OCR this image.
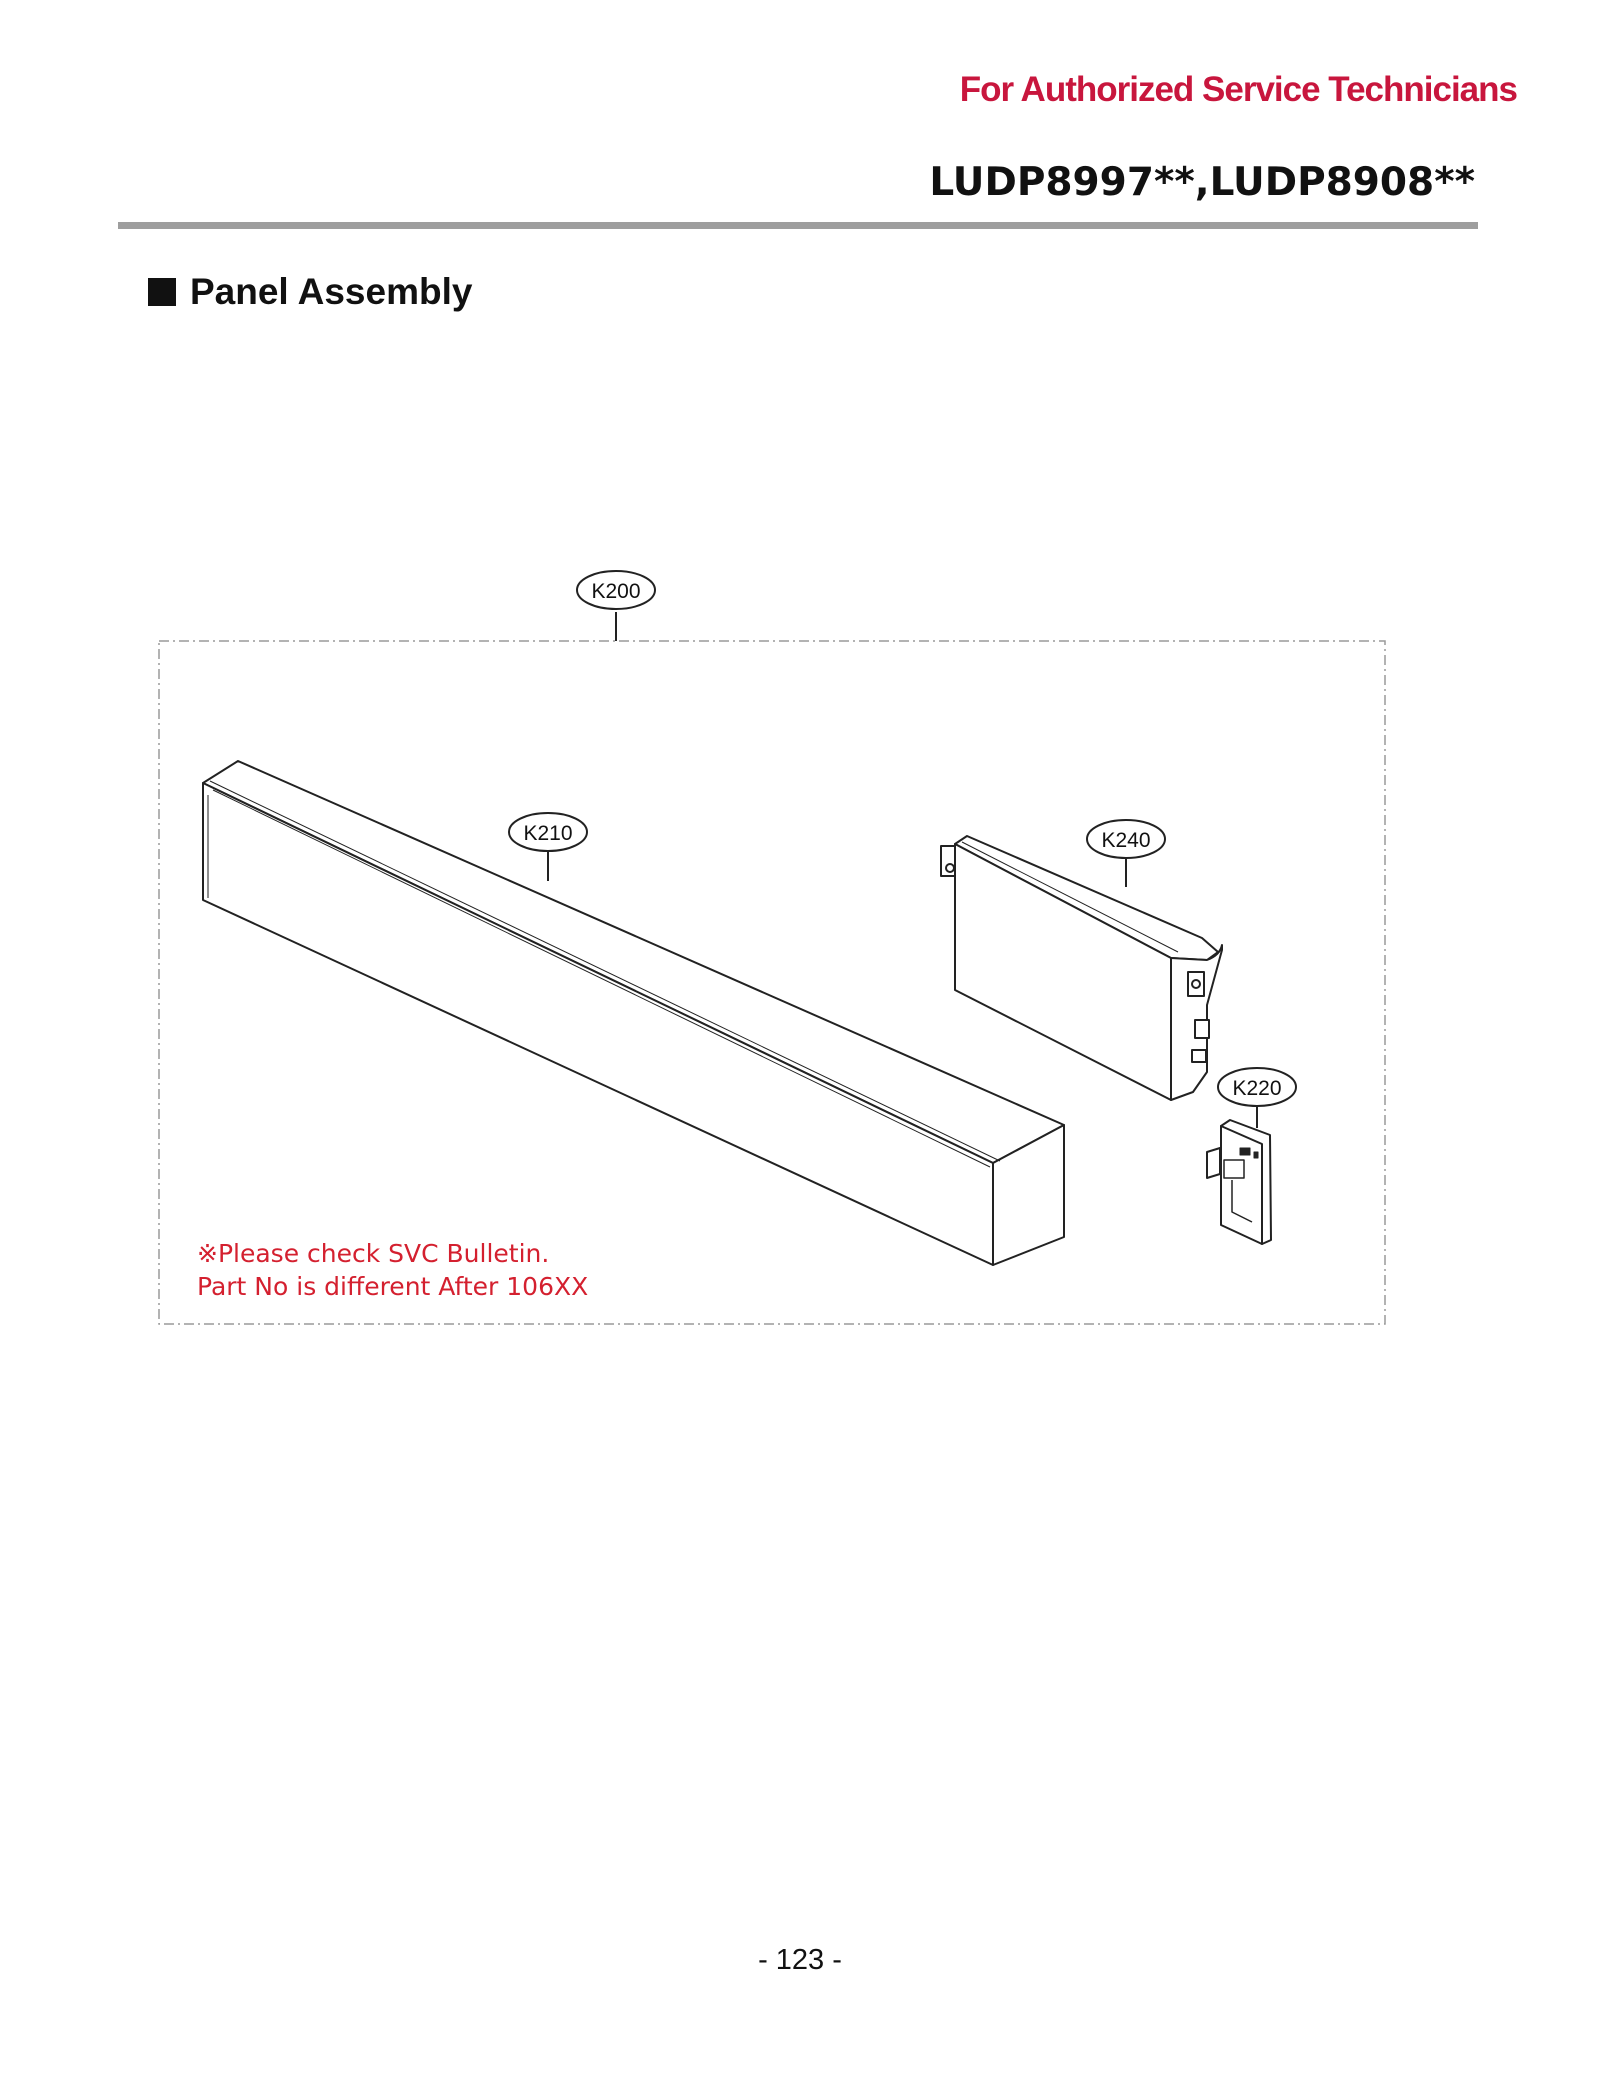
For Authorized Service Technicians
LUDP8997**,LUDP8908**
Panel Assembly
K200
K210	K240
K220
※Please check SVC Bulletin.
Part No is different After 106XX
- 123 -
